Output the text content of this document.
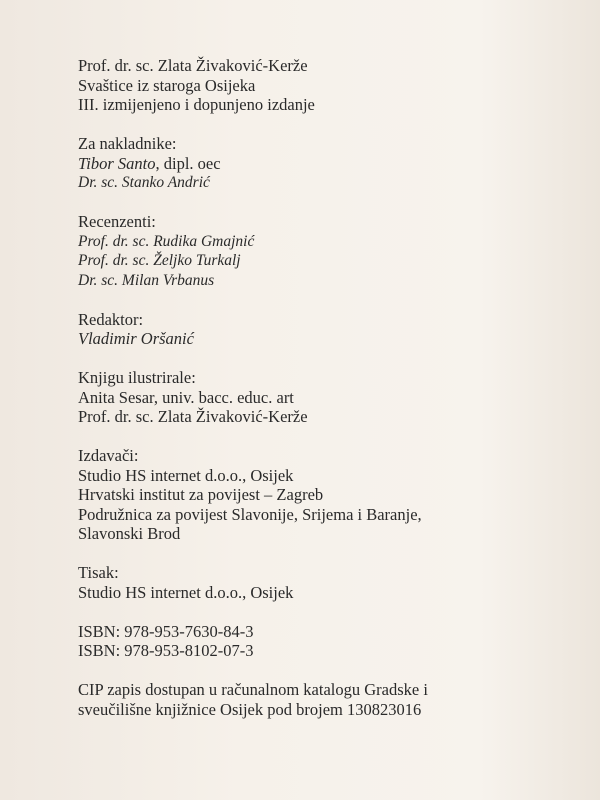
Prof. dr. sc. Zlata Živaković-Kerže
Svaštice iz staroga Osijeka
III. izmijenjeno i dopunjeno izdanje
Za nakladnike:
Tibor Santo, dipl. oec
Dr. sc. Stanko Andrić
Recenzenti:
Prof. dr. sc. Rudika Gmajnić
Prof. dr. sc. Željko Turkalj
Dr. sc. Milan Vrbanus
Redaktor:
Vladimir Oršanić
Knjigu ilustrirale:
Anita Sesar, univ. bacc. educ. art
Prof. dr. sc. Zlata Živaković-Kerže
Izdavači:
Studio HS internet d.o.o., Osijek
Hrvatski institut za povijest – Zagreb
Podružnica za povijest Slavonije, Srijema i Baranje,
Slavonski Brod
Tisak:
Studio HS internet d.o.o., Osijek
ISBN: 978-953-7630-84-3
ISBN: 978-953-8102-07-3
CIP zapis dostupan u računalnom katalogu Gradske i
sveučilišne knjižnice Osijek pod brojem 130823016
